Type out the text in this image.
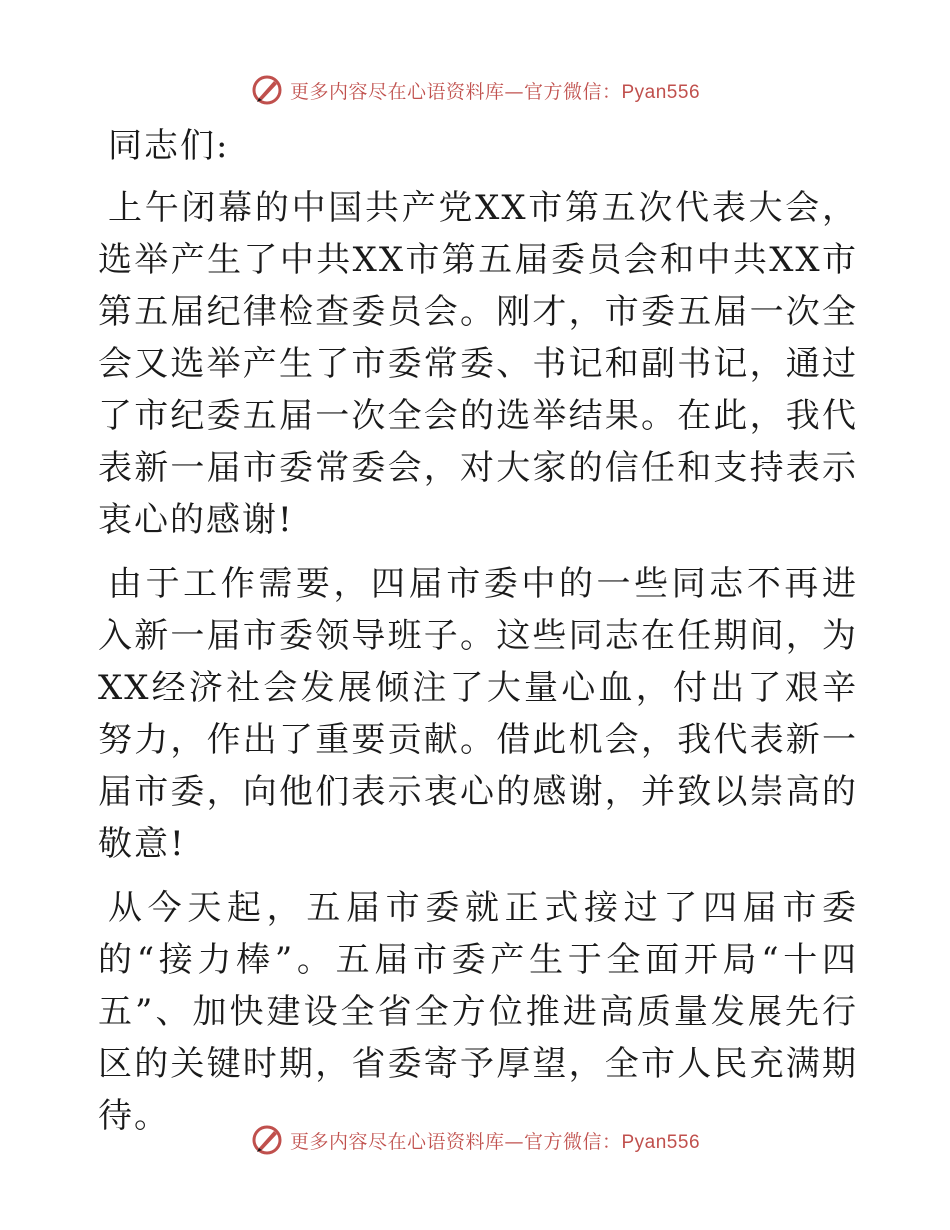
更多内容尽在心语资料库—官方微信：Pyan556
同志们:

上午闭幕的中国共产党XX市第五次代表大会，选举产生了中共XX市第五届委员会和中共XX市第五届纪律检查委员会。刚才，市委五届一次全会又选举产生了市委常委、书记和副书记，通过了市纪委五届一次全会的选举结果。在此，我代表新一届市委常委会，对大家的信任和支持表示衷心的感谢!

由于工作需要，四届市委中的一些同志不再进入新一届市委领导班子。这些同志在任期间，为XX经济社会发展倾注了大量心血，付出了艰辛努力，作出了重要贡献。借此机会，我代表新一届市委，向他们表示衷心的感谢，并致以崇高的敬意!

从今天起，五届市委就正式接过了四届市委的“接力棒”。五届市委产生于全面开局“十四五”、加快建设全省全方位推进高质量发展先行区的关键时期，省委寄予厚望，全市人民充满期待。

更多内容尽在心语资料库—官方微信：Pyan556
